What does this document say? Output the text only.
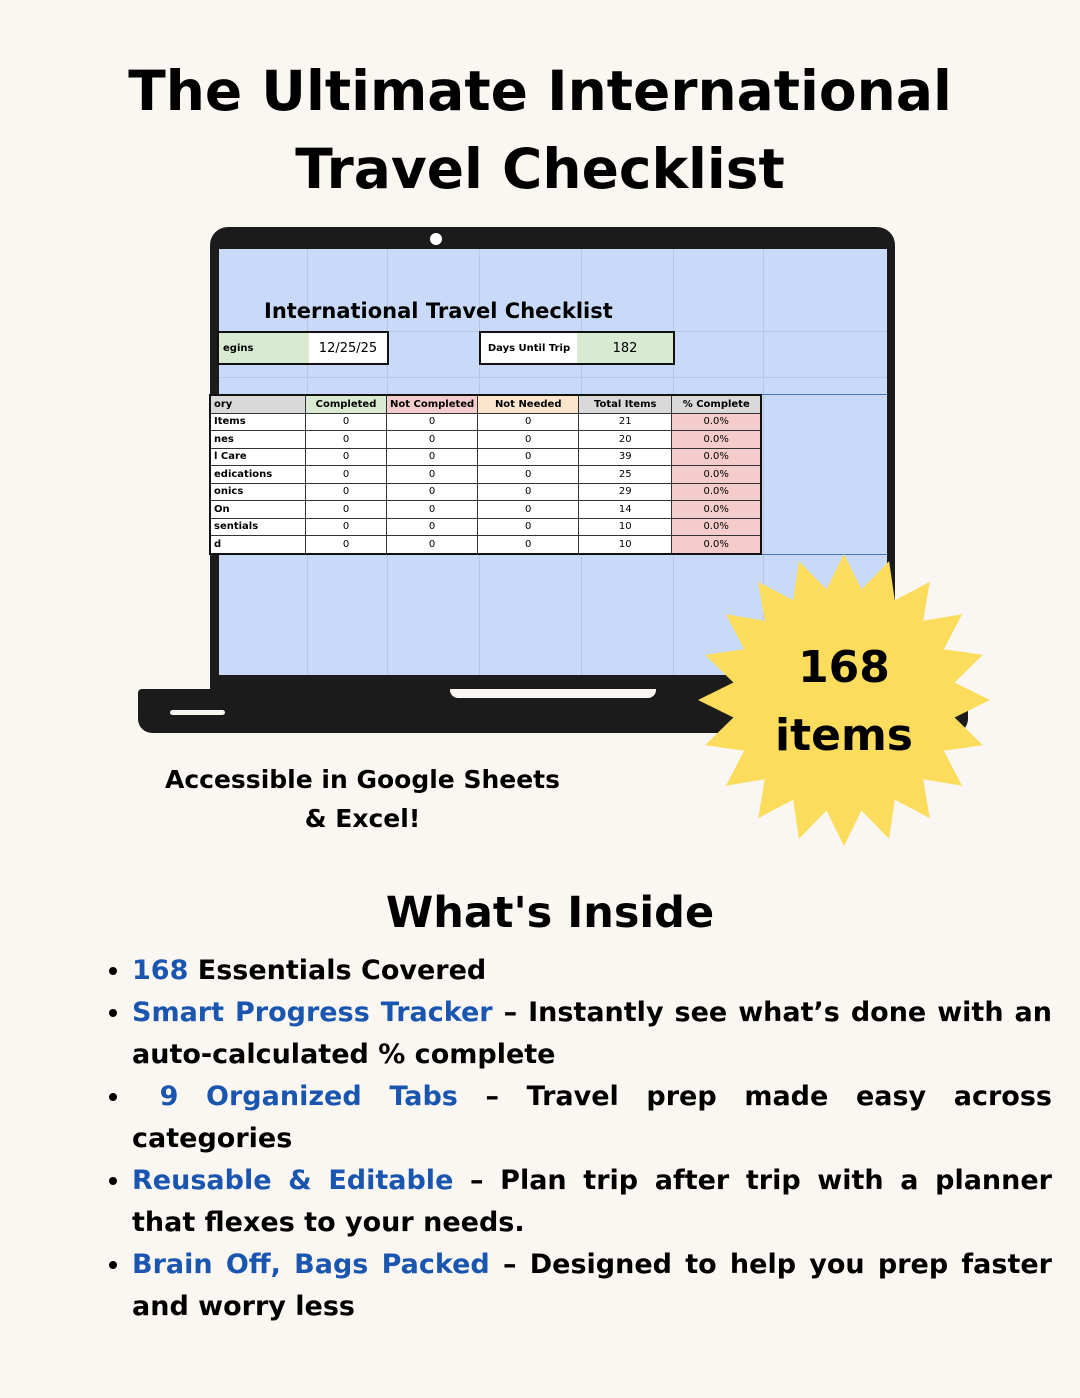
The Ultimate International Travel Checklist
International Travel Checklist
egins	12/25/25	Days Until Trip	182
ory	Completed	Not Completed	Not Needed	Total Items	% Complete
Items	0	0	0	21	0.0%
nes	0	0	0	20	0.0%
l Care	0	0	0	39	0.0%
edications	0	0	0	25	0.0%
onics	0	0	0	29	0.0%
On	0	0	0	14	0.0%
sentials	0	0	0	10	0.0%
d	0	0	0	10	0.0%
168
items
Accessible in Google Sheets & Excel!
What's Inside
• 168 Essentials Covered
• Smart Progress Tracker – Instantly see what’s done with an auto-calculated % complete
•  9 Organized Tabs – Travel prep made easy across categories
• Reusable & Editable – Plan trip after trip with a planner that flexes to your needs.
• Brain Off, Bags Packed – Designed to help you prep faster and worry less
